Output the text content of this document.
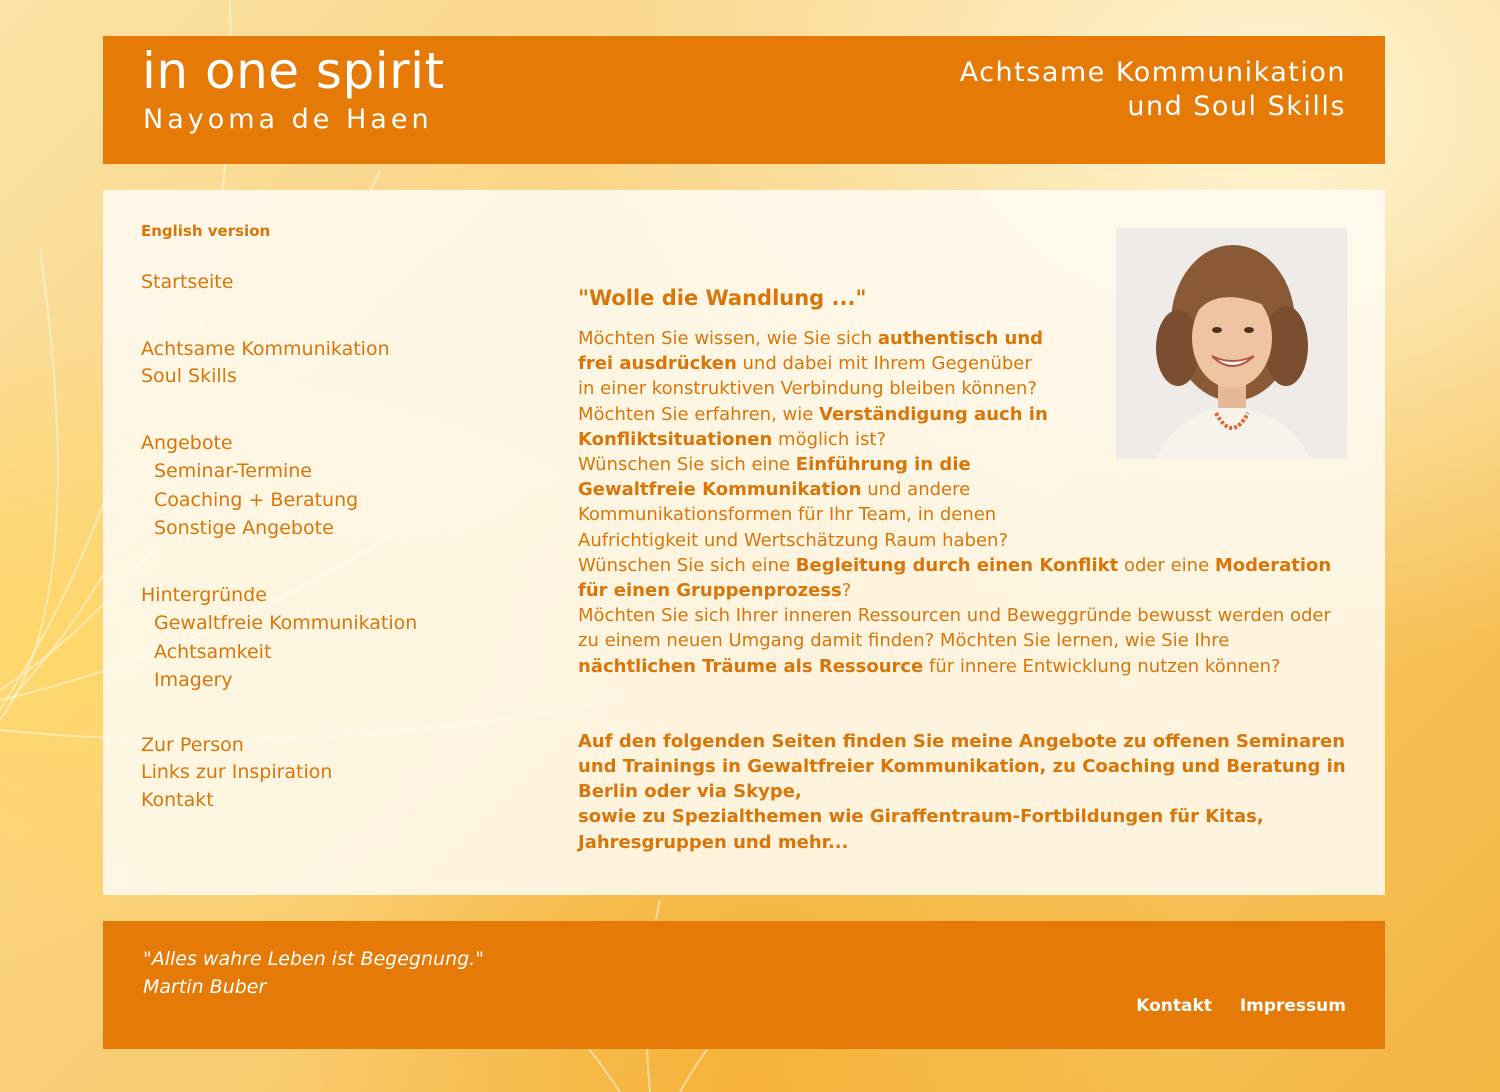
in one spirit
Nayoma de Haen
Achtsame Kommunikation
und Soul Skills
English version
Startseite
Achtsame Kommunikation
Soul Skills
Angebote
Seminar-Termine
Coaching + Beratung
Sonstige Angebote
Hintergründe
Gewaltfreie Kommunikation
Achtsamkeit
Imagery
Zur Person
Links zur Inspiration
Kontakt
"Wolle die Wandlung ..."

Möchten Sie wissen, wie Sie sich authentisch und frei ausdrücken und dabei mit Ihrem Gegenüber in einer konstruktiven Verbindung bleiben können?

Möchten Sie erfahren, wie Verständigung auch in Konfliktsituationen möglich ist?

Wünschen Sie sich eine Einführung in die Gewaltfreie Kommunikation und andere Kommunikationsformen für Ihr Team, in denen Aufrichtigkeit und Wertschätzung Raum haben?

Wünschen Sie sich eine Begleitung durch einen Konflikt oder eine Moderation für einen Gruppenprozess?

Möchten Sie sich Ihrer inneren Ressourcen und Beweggründe bewusst werden oder zu einem neuen Umgang damit finden? Möchten Sie lernen, wie Sie Ihre nächtlichen Träume als Ressource für innere Entwicklung nutzen können?

Auf den folgenden Seiten finden Sie meine Angebote zu offenen Seminaren und Trainings in Gewaltfreier Kommunikation, zu Coaching und Beratung in Berlin oder via Skype,

sowie zu Spezialthemen wie Giraffentraum-Fortbildungen für Kitas, Jahresgruppen und mehr...

"Alles wahre Leben ist Begegnung."
Martin Buber
Kontakt Impressum
